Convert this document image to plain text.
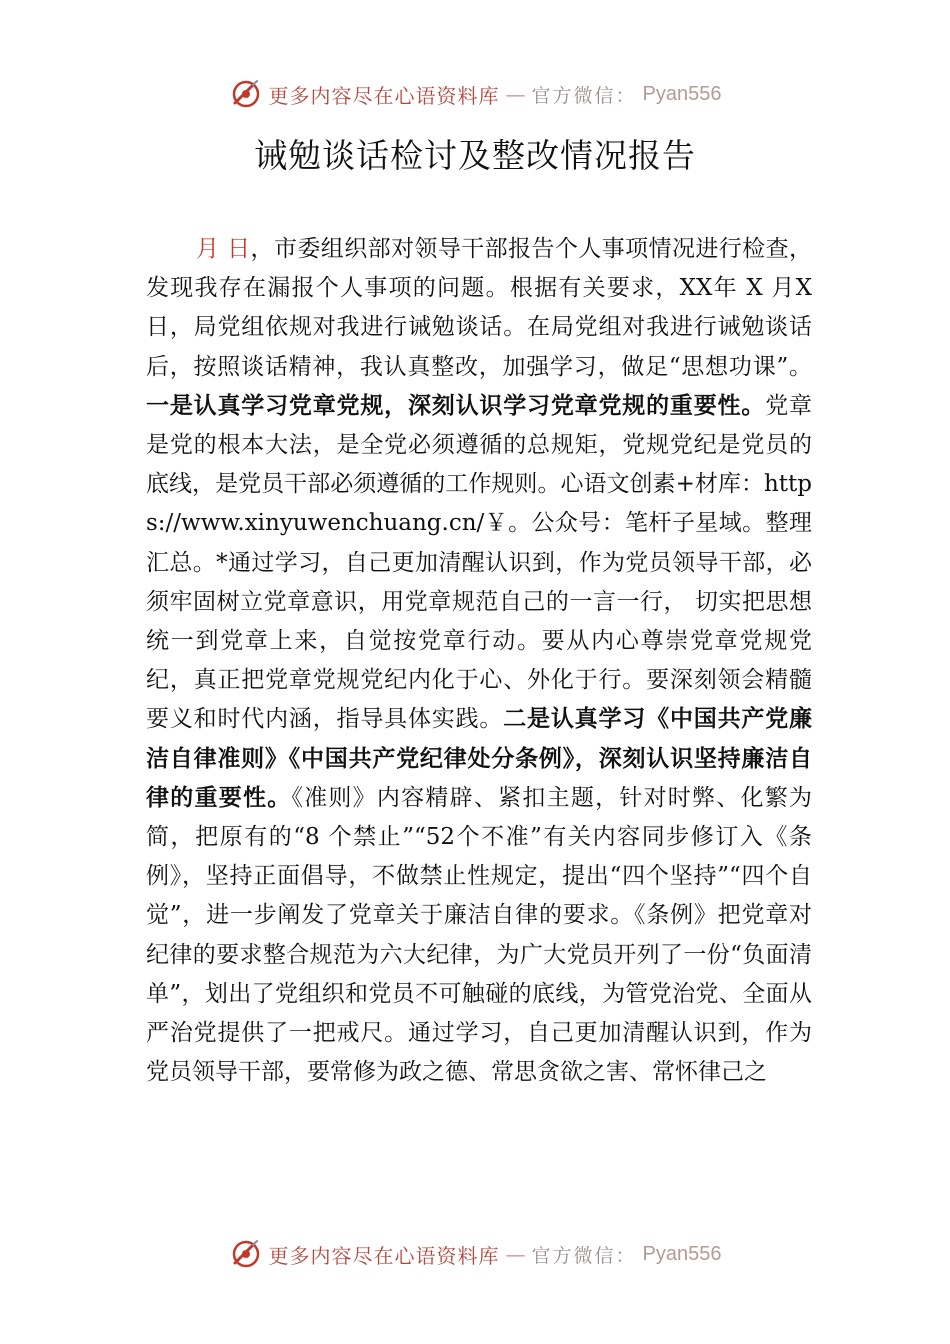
更多内容尽在心语资料库 — 官方微信： Pyan556
诫勉谈话检讨及整改情况报告

月 日，市委组织部对领导干部报告个人事项情况进行检查，发现我存在漏报个人事项的问题。根据有关要求，XX年 X 月X 日，局党组依规对我进行诫勉谈话。在局党组对我进行诫勉谈话后，按照谈话精神，我认真整改，加强学习，做足“思想功课”。一是认真学习党章党规，深刻认识学习党章党规的重要性。党章是党的根本大法，是全党必须遵循的总规矩，党规党纪是党员的底线，是党员干部必须遵循的工作规则。心语文创素+材库：https://www.xinyuwenchuang.cn/￥。公众号：笔杆子星域。整理汇总。*通过学习，自己更加清醒认识到，作为党员领导干部，必须牢固树立党章意识，用党章规范自己的一言一行， 切实把思想统一到党章上来，自觉按党章行动。要从内心尊崇党章党规党纪，真正把党章党规党纪内化于心、外化于行。要深刻领会精髓要义和时代内涵，指导具体实践。二是认真学习《中国共产党廉洁自律准则》《中国共产党纪律处分条例》，深刻认识坚持廉洁自律的重要性。《准则》内容精辟、紧扣主题，针对时弊、化繁为简，把原有的“8 个禁止”“52个不准”有关内容同步修订入《条例》，坚持正面倡导，不做禁止性规定，提出“四个坚持”“四个自觉”，进一步阐发了党章关于廉洁自律的要求。《条例》把党章对纪律的要求整合规范为六大纪律，为广大党员开列了一份“负面清单”，划出了党组织和党员不可触碰的底线，为管党治党、全面从严治党提供了一把戒尺。通过学习，自己更加清醒认识到，作为党员领导干部，要常修为政之德、常思贪欲之害、常怀律己之

更多内容尽在心语资料库 — 官方微信： Pyan556
